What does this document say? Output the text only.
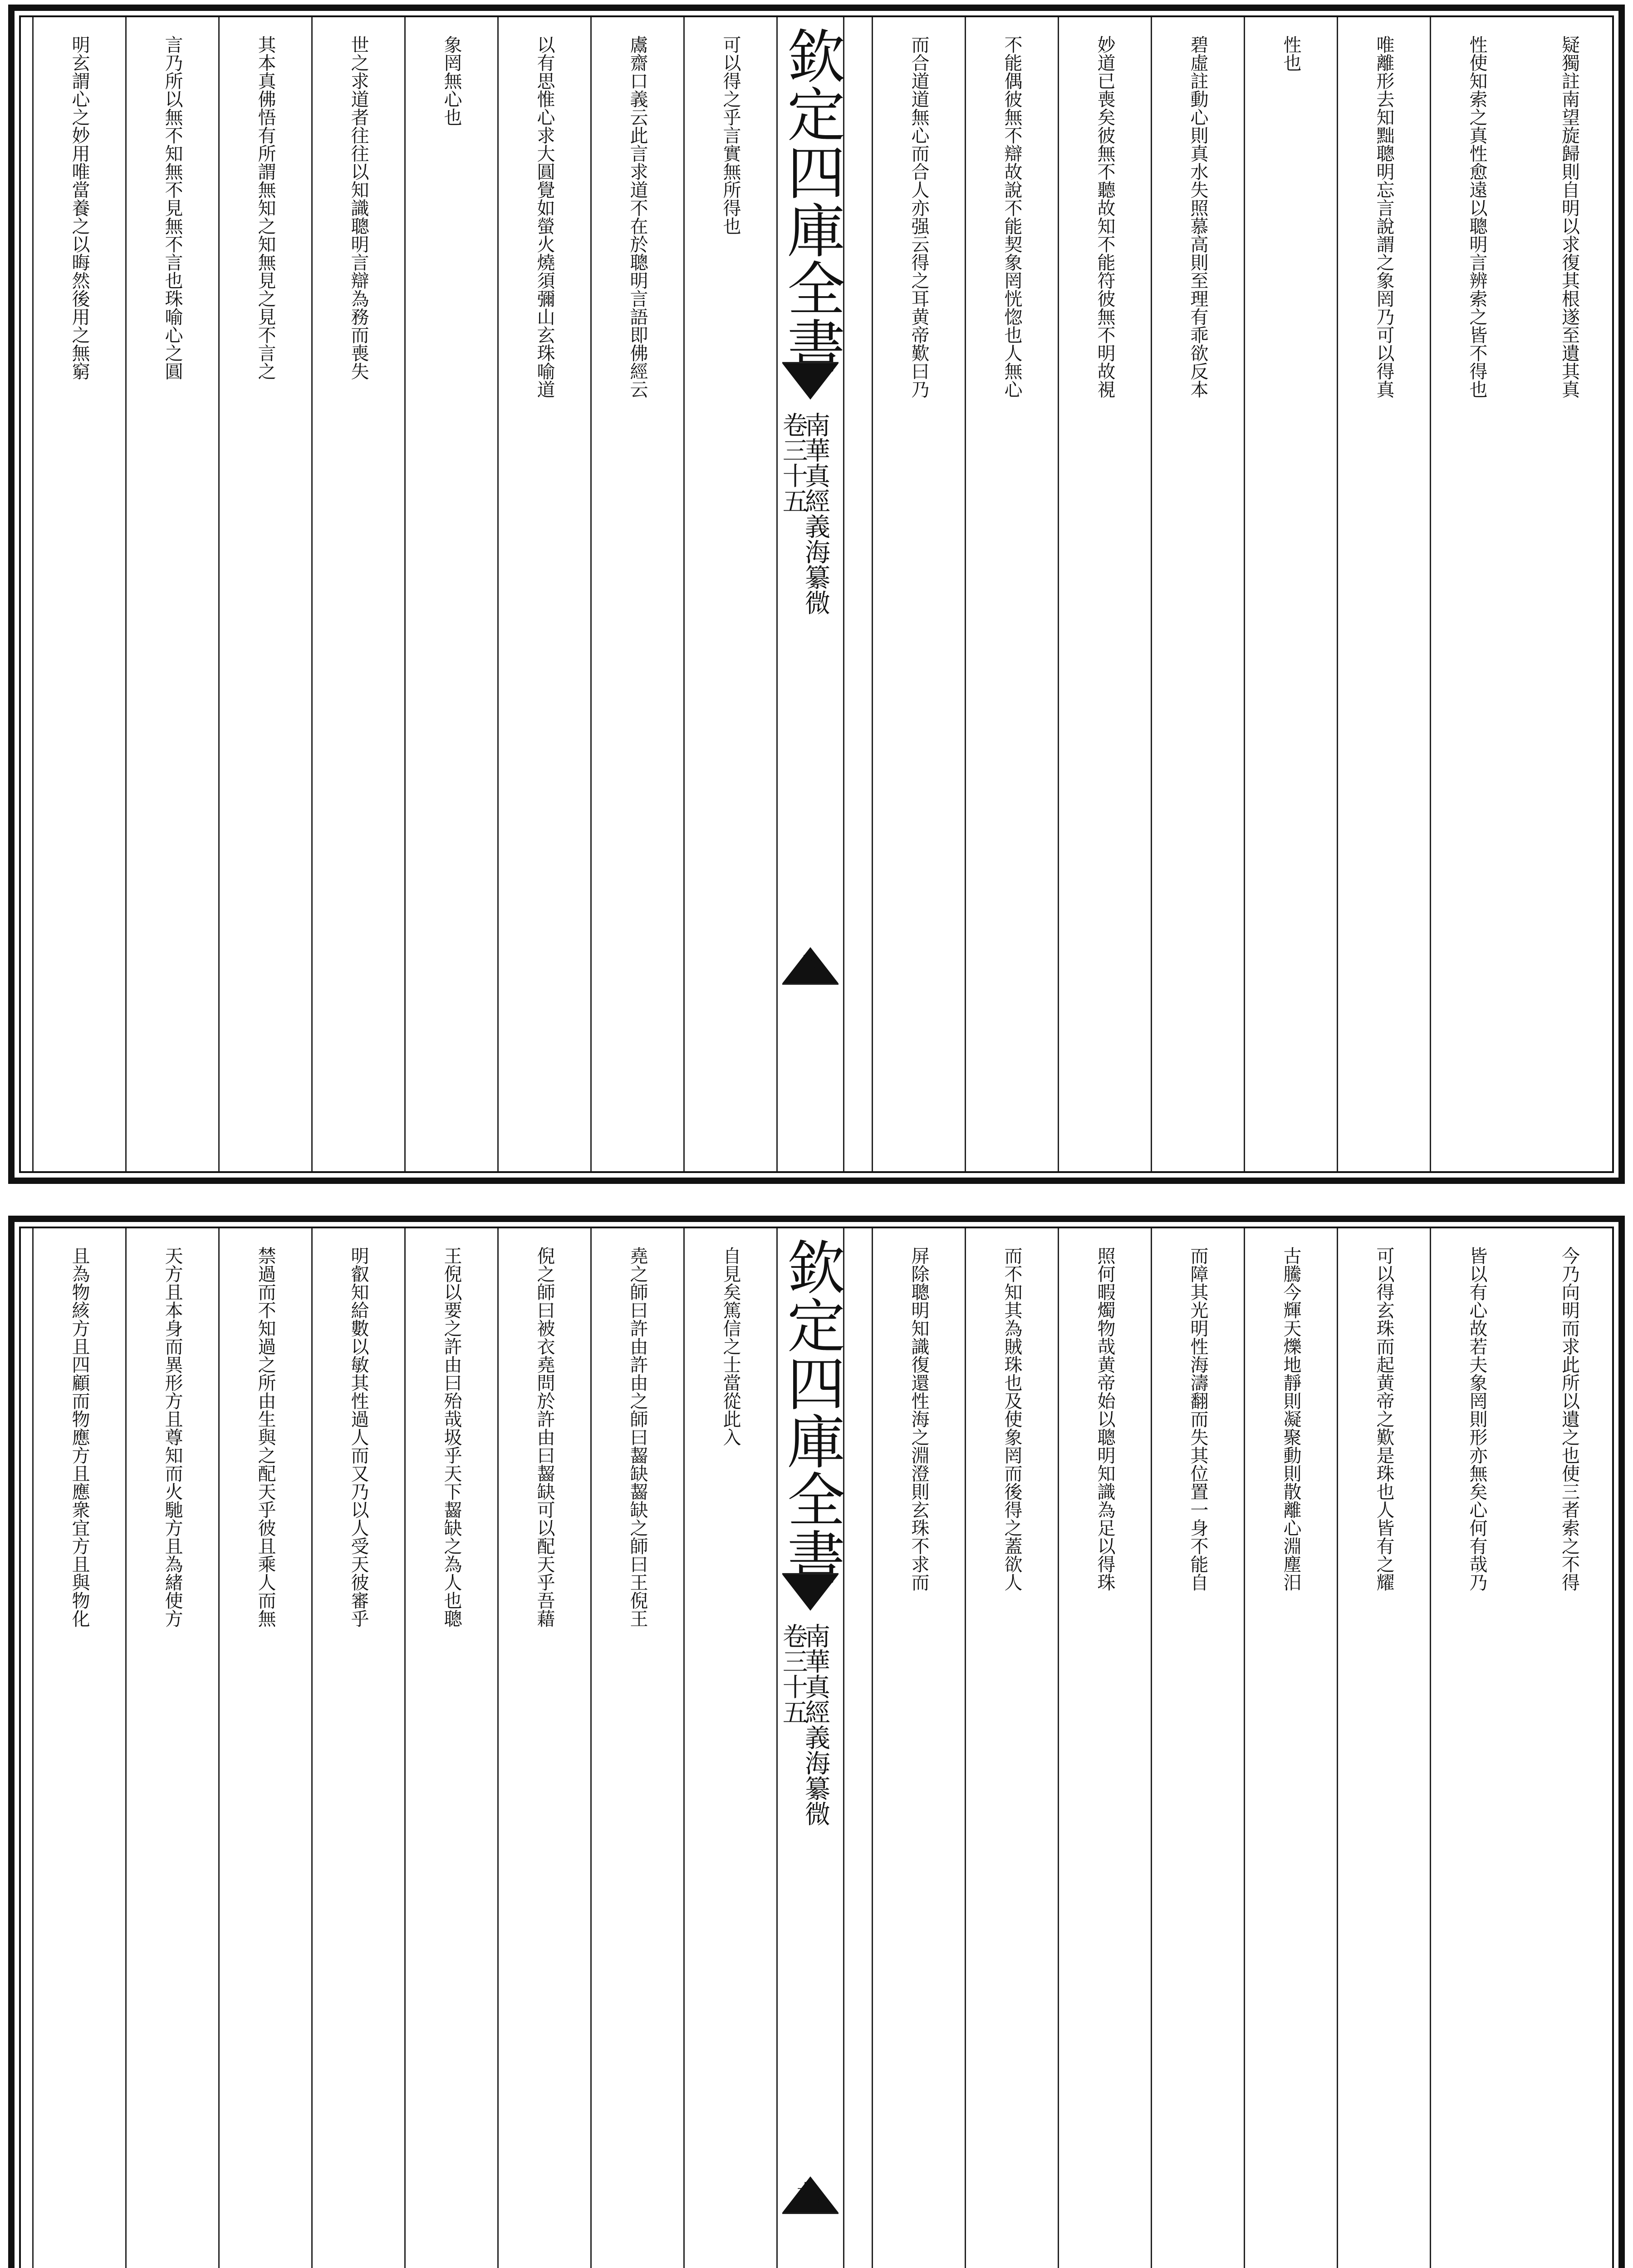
疑獨註南望旋歸則自明以求復其根遂至遺其真
性使知索之真性愈遠以聰明言辨索之皆不得也
唯離形去知黜聰明忘言說謂之象罔乃可以得真
性也
碧虛註動心則真水失照慕高則至理有乖欲反本
妙道已喪矣彼無不聽故知不能符彼無不明故視
不能偶彼無不辯故說不能契象罔恍惚也人無心
而合道道無心而合人亦强云得之耳黄帝歎曰乃
可以得之乎言實無所得也
鬳齋口義云此言求道不在於聰明言語即佛經云
以有思惟心求大圓覺如螢火燒須彌山玄珠喻道
象罔無心也
世之求道者往往以知識聰明言辯為務而喪失
其本真佛悟有所謂無知之知無見之見不言之
言乃所以無不知無不見無不言也珠喻心之圓
明玄謂心之妙用唯當養之以晦然後用之無窮	欽定四庫全書
南華真經義海纂微
卷三十五
八
今乃向明而求此所以遺之也使三者索之不得
皆以有心故若夫象罔則形亦無矣心何有哉乃
可以得玄珠而起黄帝之歎是珠也人皆有之耀
古騰今輝天爍地靜則凝聚動則散離心淵塵汨
而障其光明性海濤翻而失其位置一身不能自
照何暇燭物哉黄帝始以聰明知識為足以得珠
而不知其為賊珠也及使象罔而後得之蓋欲人
屏除聰明知識復還性海之淵澄則玄珠不求而
自見矣篤信之士當從此入
堯之師曰許由許由之師曰齧缺齧缺之師曰王倪王
倪之師曰被衣堯問於許由曰齧缺可以配天乎吾藉
王倪以要之許由曰殆哉圾乎天下齧缺之為人也聰
明叡知給數以敏其性過人而又乃以人受天彼審乎
禁過而不知過之所由生與之配天乎彼且乘人而無
天方且本身而異形方且尊知而火馳方且為緒使方
且為物絯方且四顧而物應方且應衆宜方且與物化	欽定四庫全書
南華真經義海纂微
卷三十五
九
